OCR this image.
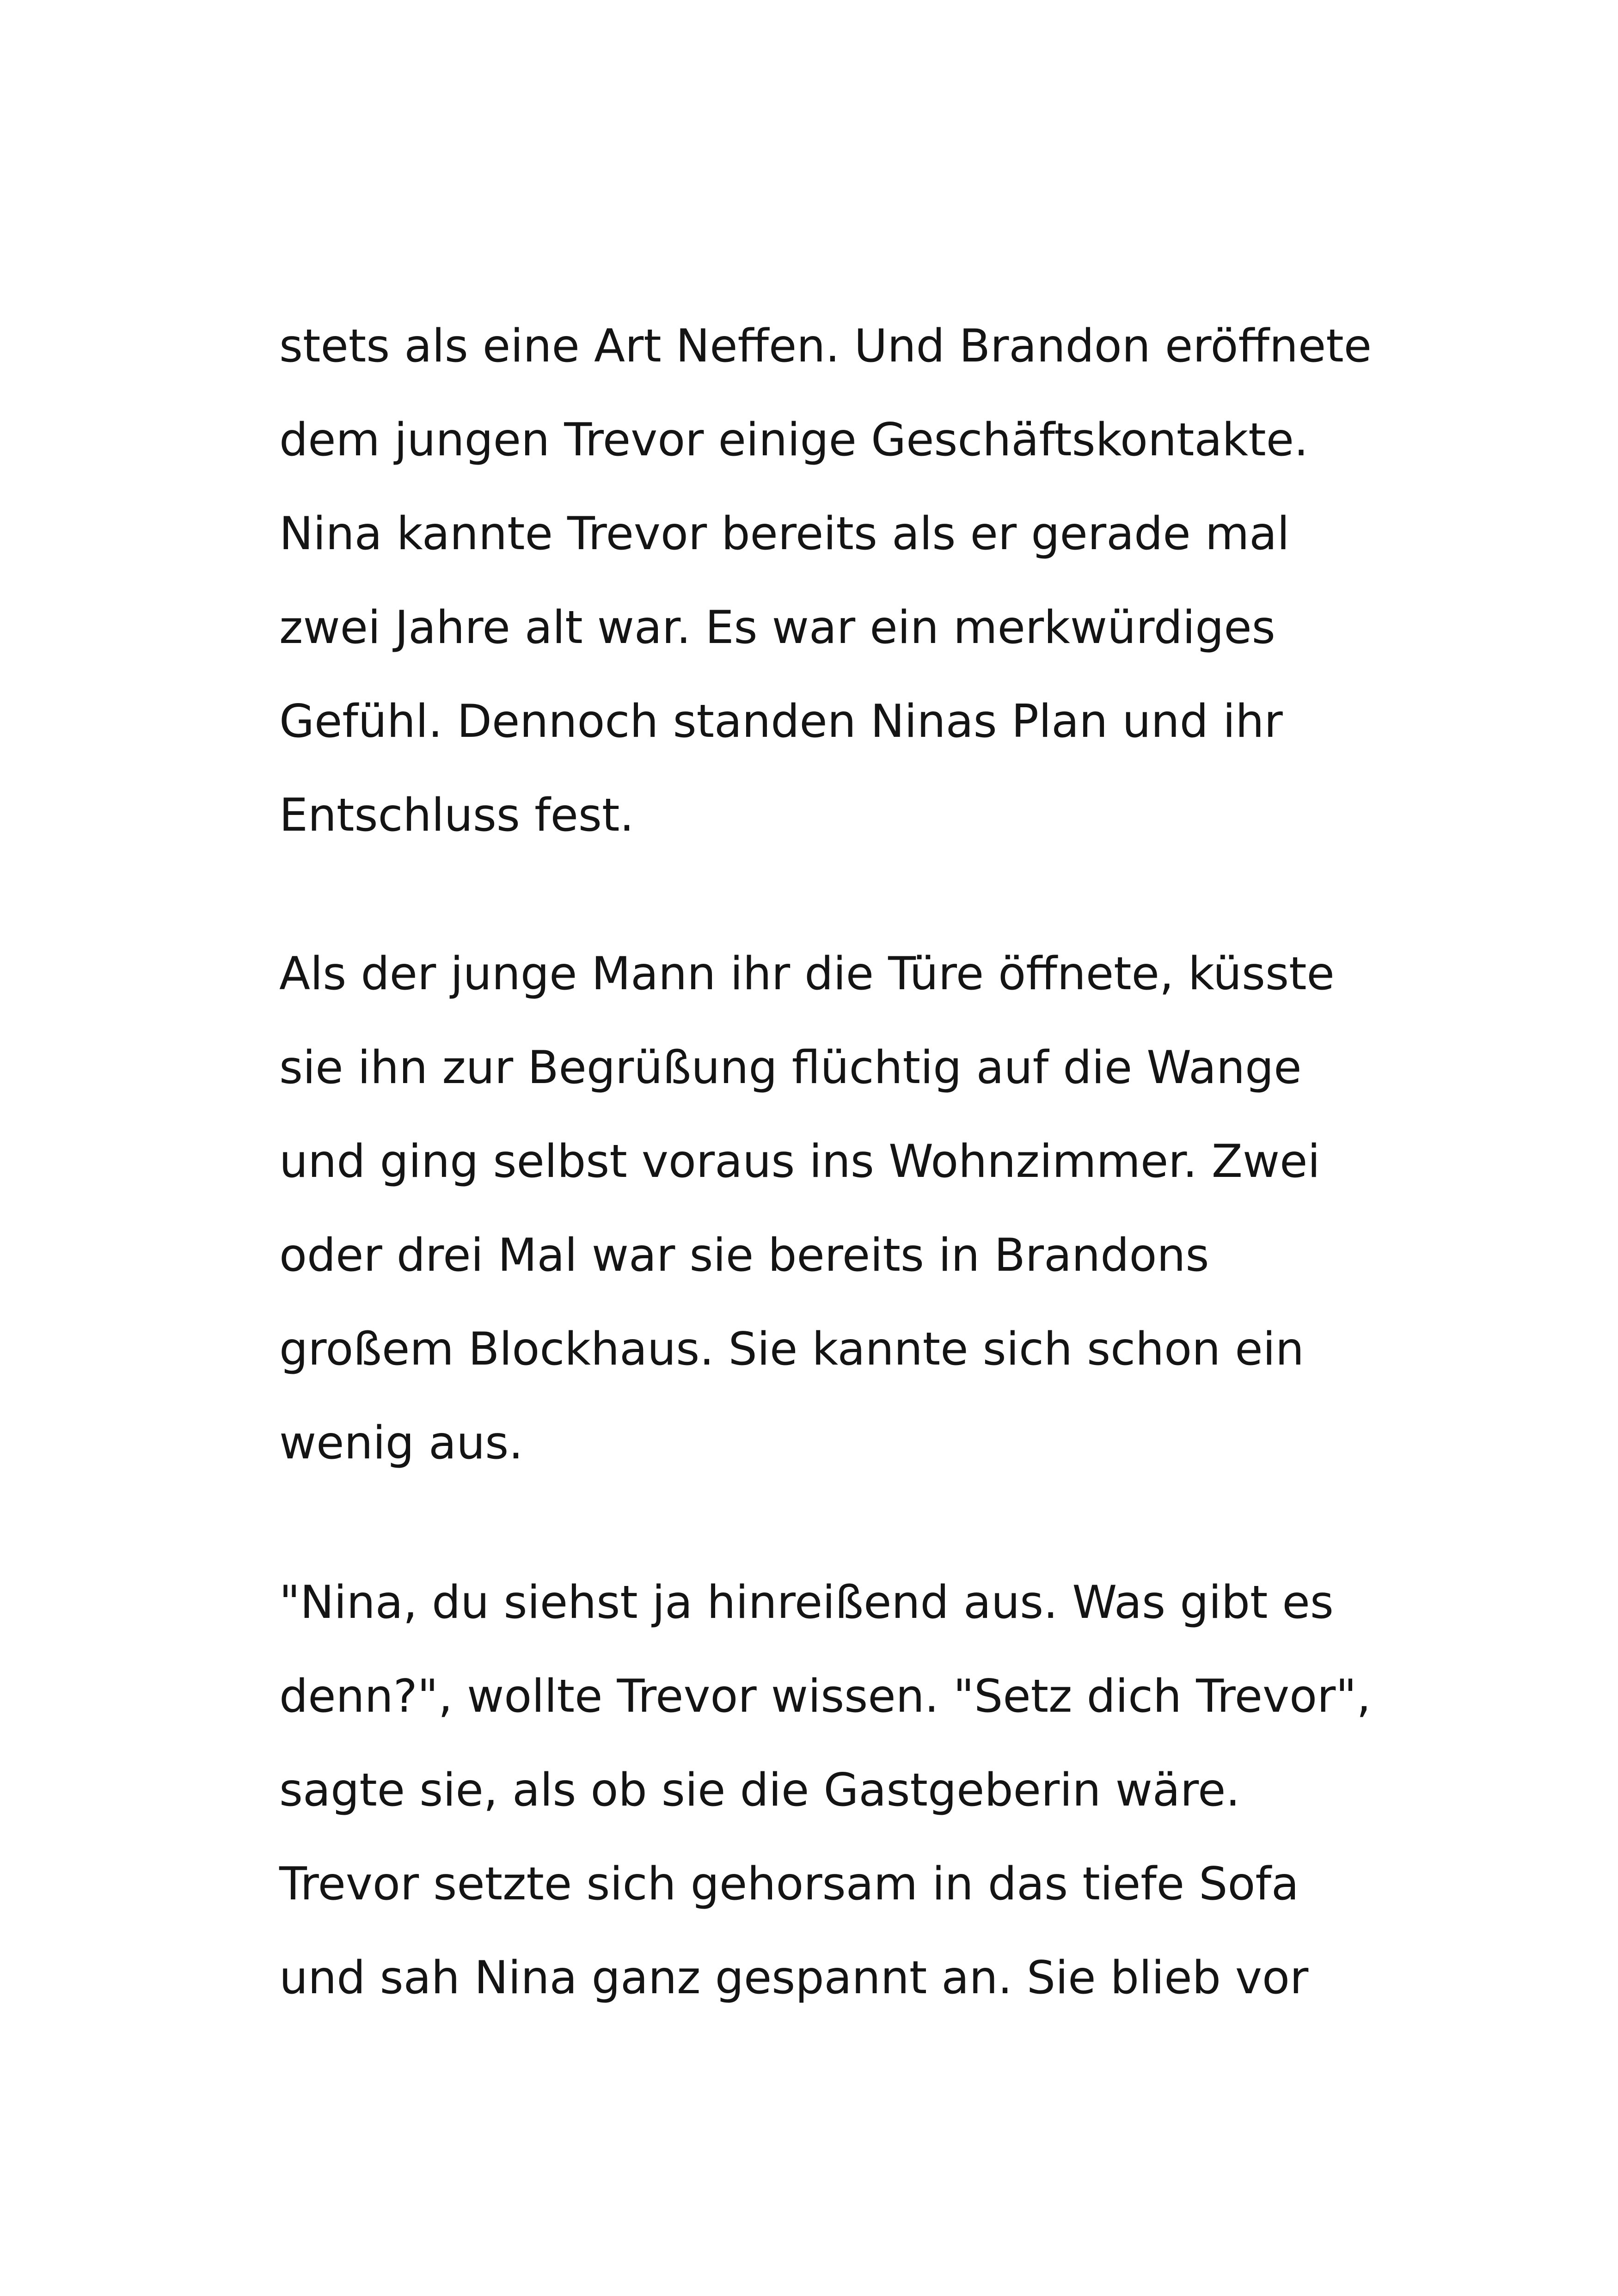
stets als eine Art Neffen. Und Brandon eröffnete
dem jungen Trevor einige Geschäftskontakte.
Nina kannte Trevor bereits als er gerade mal
zwei Jahre alt war. Es war ein merkwürdiges
Gefühl. Dennoch standen Ninas Plan und ihr
Entschluss fest.
Als der junge Mann ihr die Türe öffnete, küsste
sie ihn zur Begrüßung flüchtig auf die Wange
und ging selbst voraus ins Wohnzimmer. Zwei
oder drei Mal war sie bereits in Brandons
großem Blockhaus. Sie kannte sich schon ein
wenig aus.
"Nina, du siehst ja hinreißend aus. Was gibt es
denn?", wollte Trevor wissen. "Setz dich Trevor",
sagte sie, als ob sie die Gastgeberin wäre.
Trevor setzte sich gehorsam in das tiefe Sofa
und sah Nina ganz gespannt an. Sie blieb vor
